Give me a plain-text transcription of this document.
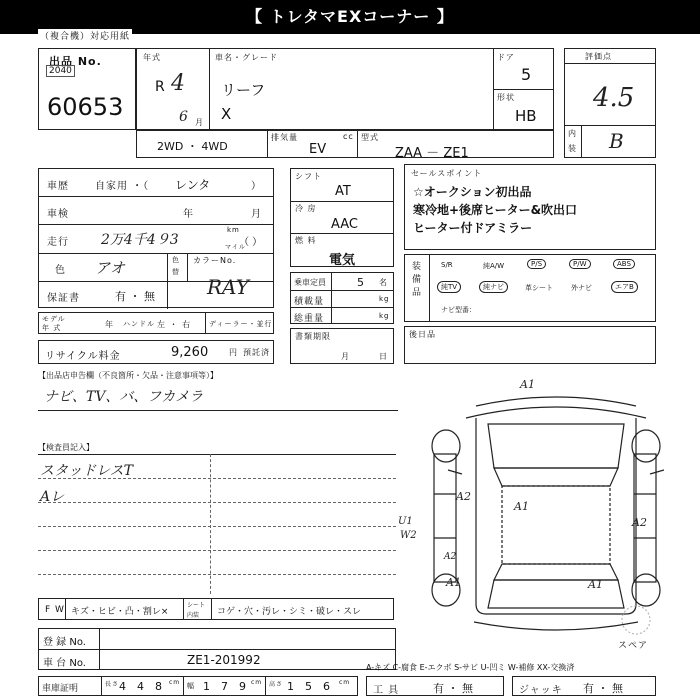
【 トレタマEXコーナー 】
（複合機）対応用紙
出品 No.
2040
60653
年式
R 4
6 月
車名・グレード
リーフ
X
ドア
5
形状
HB
評価点
4.5
内
装 B
2WD ・ 4WD
排気量	cc
EV
型式
ZAA － ZE1
車歴	自家用 ・（ レンタ	）
車検	年	月
走行 2万4千4９3
km
マイル
（ ）
色 アオ	色
替
カラーNo.
RAY
保証書	有 ・ 無
モデル
年 式	年 ハンドル 左 ・ 右	ディーラー・並行
リサイクル料金	9,260	円 預託済
シフト
AT
冷 房
AAC
燃 料
電気
乗車定員	5 名
積載量	kg
総重量	kg
書類期限
月	日
セールスポイント
☆オークション初出品
寒冷地+後席ヒーター&吹出口
ヒーター付ドアミラー
装
備
品
S/R	純A/W	P/S	P/W	ABS
純TV	純ナビ	革シート	外ナビ	エアB
ナビ型番：
後日品
【出品店申告欄（不良箇所・欠品・注意事項等）】
ナビ、TV、バ、フカメラ
【検査員記入】
スタッドレスT
Aレ
A1
A2
A1
A2
W2
U1
A1	A1
A2
スペア
F W キズ・ヒビ・凸・割レ×
シート
内装 コゲ・穴・汚レ・シミ・破レ・スレ
登 録 No.
車 台 No.	ZE1-201992
車庫証明	長さ 4 4 8 cm 幅 1 7 9 cm 高さ 1 5 6 cm
A-キズ C-腐食 E-エクボ S-サビ U-凹ミ W-補修 XX-交換済
工 具	有 ・ 無	ジャッキ 有 ・ 無
